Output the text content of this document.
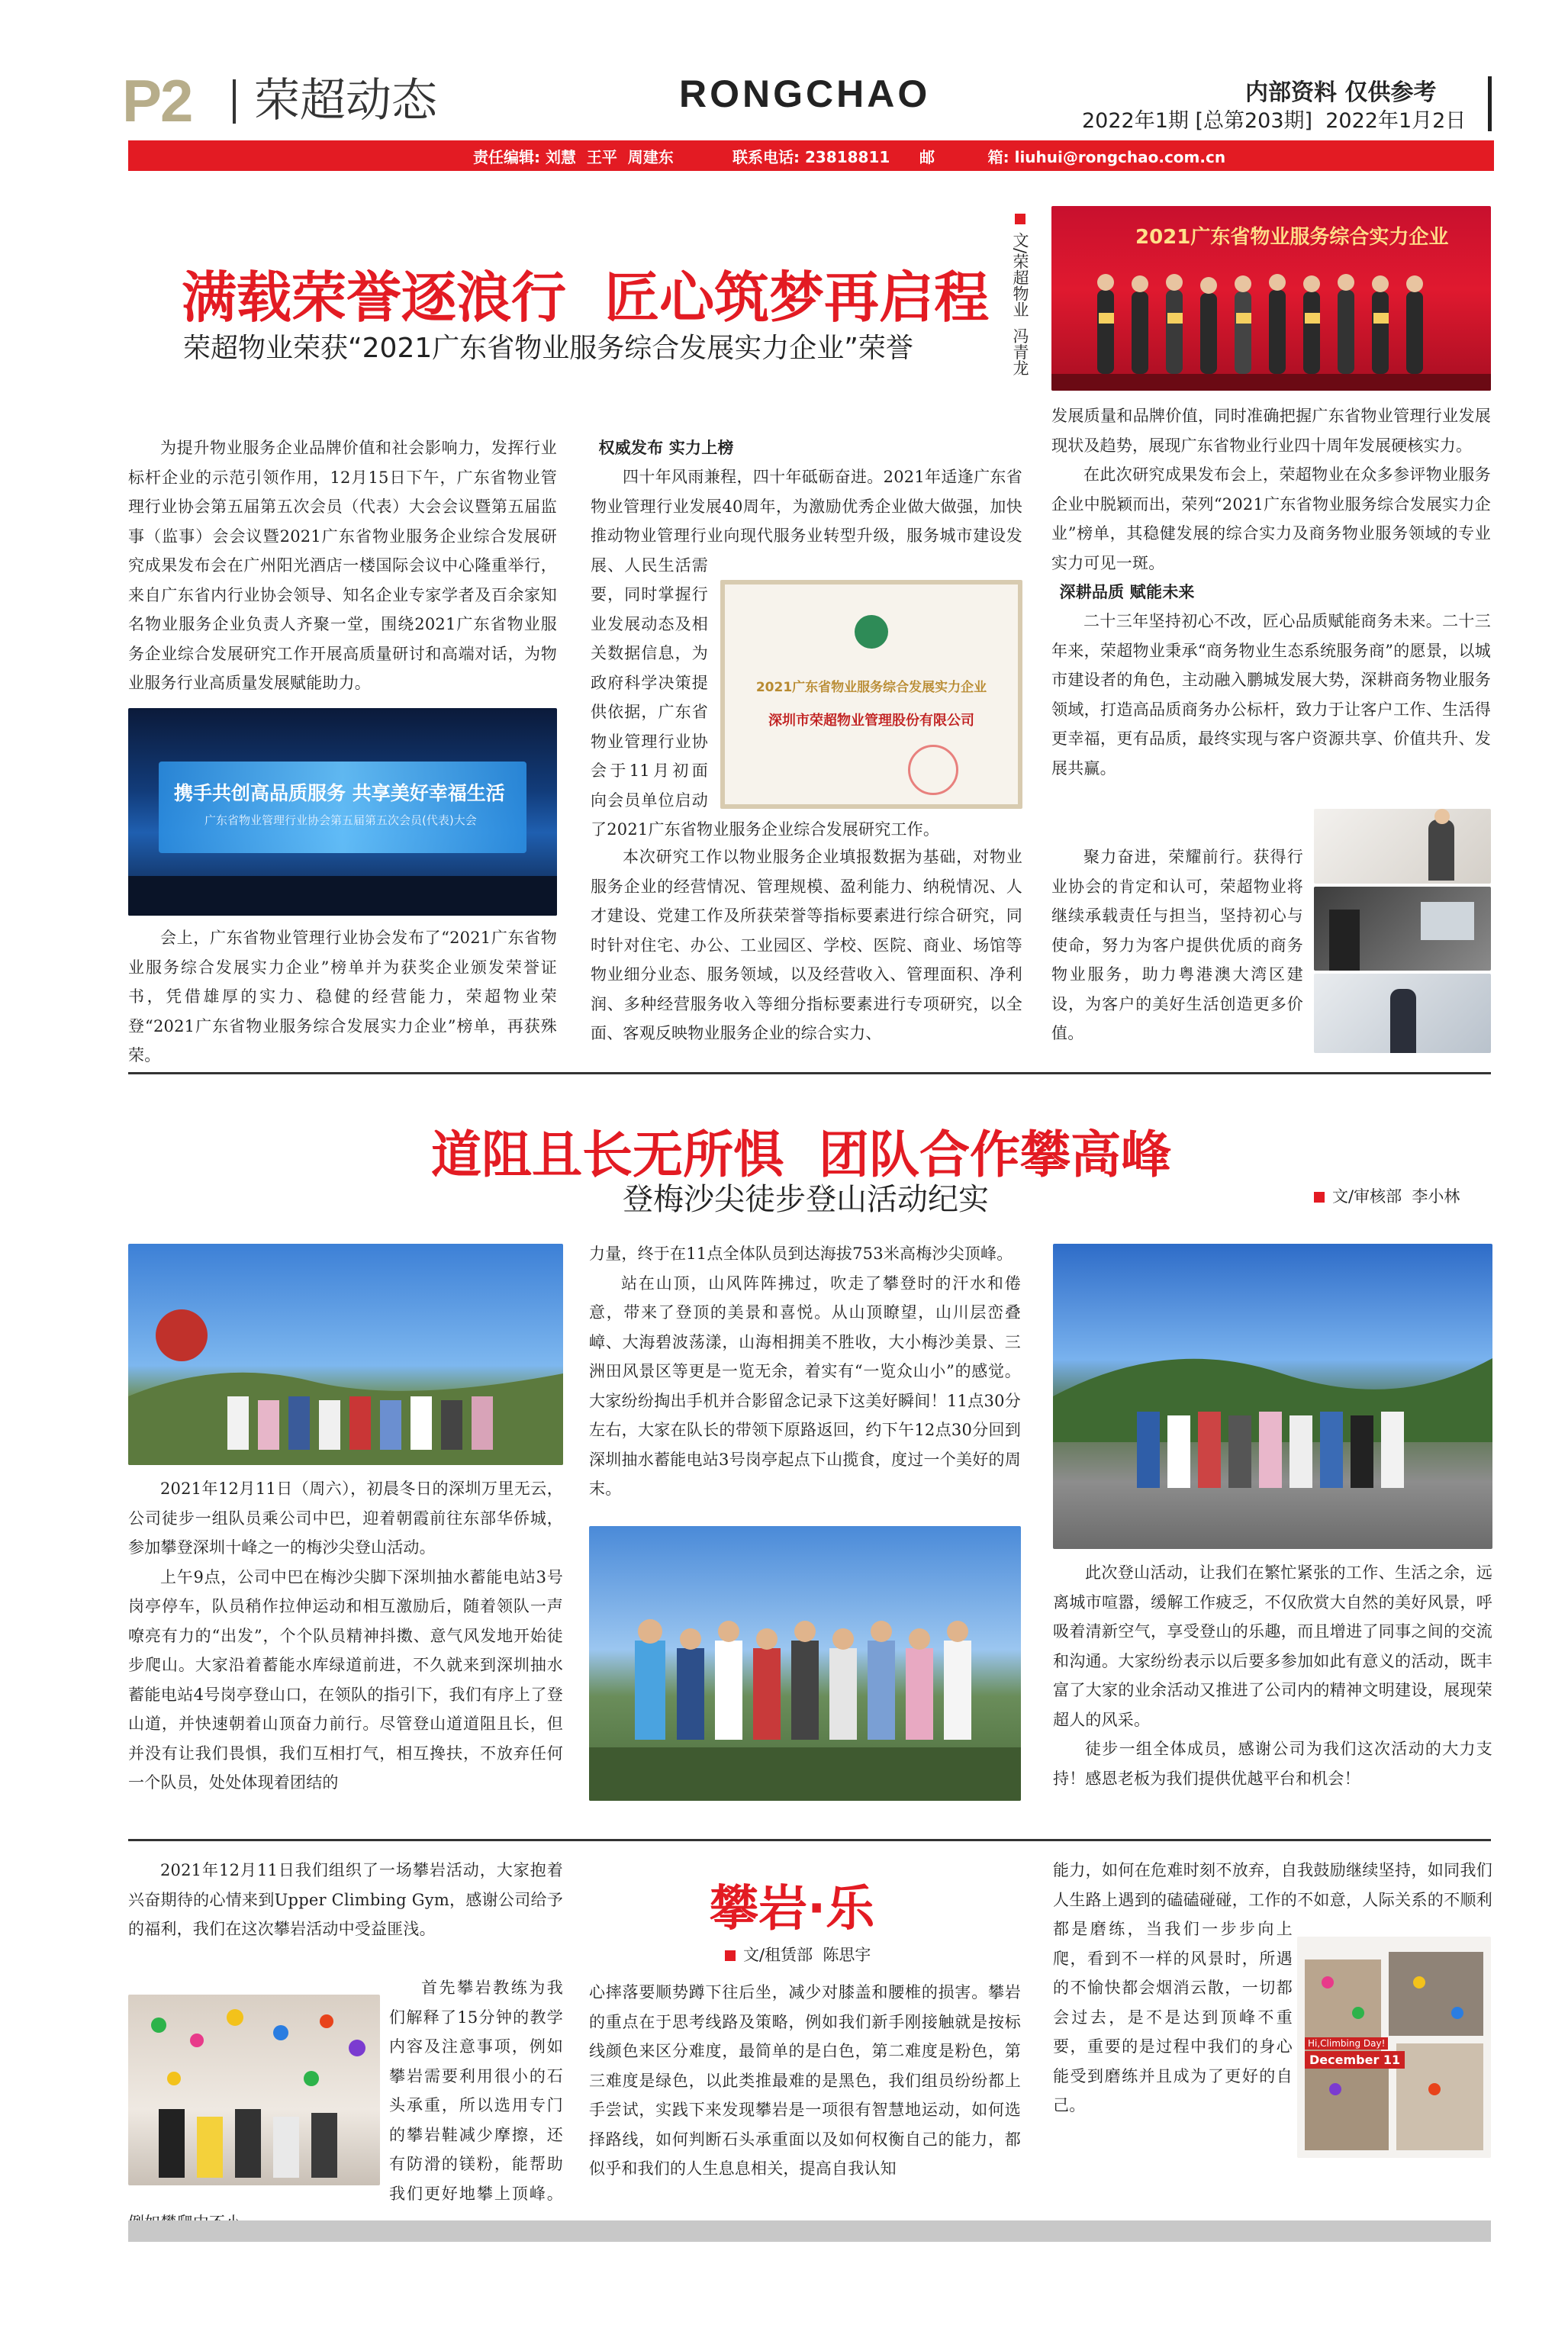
P2 荣超动态	RONGCHAO	内部资料 仅供参考
2022年1期 [总第203期]  2022年1月2日
责任编辑: 刘慧  王平  周建东	联系电话: 23818811 邮          箱: liuhui@rongchao.com.cn
满载荣誉逐浪行  匠心筑梦再启程
荣超物业荣获“2021广东省物业服务综合发展实力企业”荣誉	文/荣超物业  冯青龙	2021广东省物业服务综合实力企业

为提升物业服务企业品牌价值和社会影响力，发挥行业标杆企业的示范引领作用，12月15日下午，广东省物业管理行业协会第五届第五次会员（代表）大会会议暨第五届监事（监事）会会议暨2021广东省物业服务企业综合发展研究成果发布会在广州阳光酒店一楼国际会议中心隆重举行，来自广东省内行业协会领导、知名企业专家学者及百余家知名物业服务企业负责人齐聚一堂，围绕2021广东省物业服务企业综合发展研究工作开展高质量研讨和高端对话，为物业服务行业高质量发展赋能助力。

携手共创高品质服务 共享美好幸福生活
广东省物业管理行业协会第五届第五次会员(代表)大会

会上，广东省物业管理行业协会发布了“2021广东省物业服务综合发展实力企业”榜单并为获奖企业颁发荣誉证书，凭借雄厚的实力、稳健的经营能力，荣超物业荣登“2021广东省物业服务综合发展实力企业”榜单，再获殊荣。

权威发布 实力上榜

四十年风雨兼程，四十年砥砺奋进。2021年适逢广东省物业管理行业发展40周年，为激励优秀企业做大做强，加快推动物业管理行业向现代服务业转型升级，服务城市建设发展、人民生活需要，同时掌握行业发展动态及相关数据信息，为政府科学决策提供依据，广东省物业管理行业协会于11月初面向会员单位启动了2021广东省物业服务企业综合发展研究工作。

2021广东省物业服务综合发展实力企业
深圳市荣超物业管理股份有限公司

本次研究工作以物业服务企业填报数据为基础，对物业服务企业的经营情况、管理规模、盈利能力、纳税情况、人才建设、党建工作及所获荣誉等指标要素进行综合研究，同时针对住宅、办公、工业园区、学校、医院、商业、场馆等物业细分业态、服务领域，以及经营收入、管理面积、净利润、多种经营服务收入等细分指标要素进行专项研究，以全面、客观反映物业服务企业的综合实力、

发展质量和品牌价值，同时准确把握广东省物业管理行业发展现状及趋势，展现广东省物业行业四十周年发展硬核实力。

在此次研究成果发布会上，荣超物业在众多参评物业服务企业中脱颖而出，荣列“2021广东省物业服务综合发展实力企业”榜单，其稳健发展的综合实力及商务物业服务领域的专业实力可见一斑。

深耕品质 赋能未来

二十三年坚持初心不改，匠心品质赋能商务未来。二十三年来，荣超物业秉承“商务物业生态系统服务商”的愿景，以城市建设者的角色，主动融入鹏城发展大势，深耕商务物业服务领域，打造高品质商务办公标杆，致力于让客户工作、生活得更幸福，更有品质，最终实现与客户资源共享、价值共升、发展共赢。

聚力奋进，荣耀前行。获得行业协会的肯定和认可，荣超物业将继续承载责任与担当，坚持初心与使命，努力为客户提供优质的商务物业服务，助力粤港澳大湾区建设，为客户的美好生活创造更多价值。

道阻且长无所惧  团队合作攀高峰
登梅沙尖徒步登山活动纪实	文/审核部  李小林

2021年12月11日（周六），初晨冬日的深圳万里无云，公司徒步一组队员乘公司中巴，迎着朝霞前往东部华侨城，参加攀登深圳十峰之一的梅沙尖登山活动。

上午9点，公司中巴在梅沙尖脚下深圳抽水蓄能电站3号岗亭停车，队员稍作拉伸运动和相互激励后，随着领队一声嘹亮有力的“出发”，个个队员精神抖擞、意气风发地开始徒步爬山。大家沿着蓄能水库绿道前进，不久就来到深圳抽水蓄能电站4号岗亭登山口，在领队的指引下，我们有序上了登山道，并快速朝着山顶奋力前行。尽管登山道道阻且长，但并没有让我们畏惧，我们互相打气，相互搀扶，不放弃任何一个队员，处处体现着团结的

力量，终于在11点全体队员到达海拔753米高梅沙尖顶峰。

站在山顶，山风阵阵拂过，吹走了攀登时的汗水和倦意，带来了登顶的美景和喜悦。从山顶瞭望，山川层峦叠嶂、大海碧波荡漾，山海相拥美不胜收，大小梅沙美景、三洲田风景区等更是一览无余，着实有“一览众山小”的感觉。大家纷纷掏出手机并合影留念记录下这美好瞬间！11点30分左右，大家在队长的带领下原路返回，约下午12点30分回到深圳抽水蓄能电站3号岗亭起点下山揽食，度过一个美好的周末。

此次登山活动，让我们在繁忙紧张的工作、生活之余，远离城市喧嚣，缓解工作疲乏，不仅欣赏大自然的美好风景，呼吸着清新空气，享受登山的乐趣，而且增进了同事之间的交流和沟通。大家纷纷表示以后要多参加如此有意义的活动，既丰富了大家的业余活动又推进了公司内的精神文明建设，展现荣超人的风采。

徒步一组全体成员，感谢公司为我们这次活动的大力支持！感恩老板为我们提供优越平台和机会！

2021年12月11日我们组织了一场攀岩活动，大家抱着兴奋期待的心情来到Upper Climbing Gym，感谢公司给予的福利，我们在这次攀岩活动中受益匪浅。

首先攀岩教练为我们解释了15分钟的教学内容及注意事项，例如攀岩需要利用很小的石头承重，所以选用专门的攀岩鞋减少摩擦，还有防滑的镁粉，能帮助我们更好地攀上顶峰。

攀岩·乐
文/租赁部  陈思宇

心摔落要顺势蹲下往后坐，减少对膝盖和腰椎的损害。攀岩的重点在于思考线路及策略，例如我们新手刚接触就是按标线颜色来区分难度，最简单的是白色，第二难度是粉色，第三难度是绿色，以此类推最难的是黑色，我们组员纷纷都上手尝试，实践下来发现攀岩是一项很有智慧地运动，如何选择路线，如何判断石头承重面以及如何权衡自己的能力，都似乎和我们的人生息息相关，提高自我认知

能力，如何在危难时刻不放弃，自我鼓励继续坚持，如同我们人生路上遇到的磕磕碰碰，工作的不如意，人际关系的不顺利都是磨练，当我们一步步向上爬，看到不一样的风景时，所遇的不愉快都会烟消云散，一切都会过去，是不是达到顶峰不重要，重要的是过程中我们的身心能受到磨练并且成为了更好的自己。

Hi,Climbing Day!
December 11
